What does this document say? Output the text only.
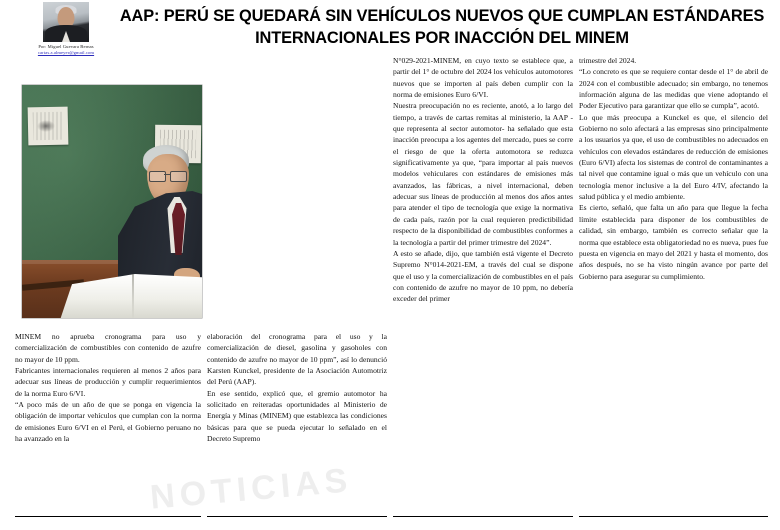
Por: Miguel Guevara Bernas
cartas.a.almeyer@gmail.com
AAP: PERÚ SE QUEDARÁ SIN VEHÍCULOS NUEVOS QUE CUMPLAN ESTÁNDARES INTERNACIONALES POR INACCIÓN DEL MINEM
NOTICIAS

MINEM no aprueba cronograma para uso y comercialización de combustibles con contenido de azufre no mayor de 10 ppm.

Fabricantes internacionales requieren al menos 2 años para adecuar sus líneas de producción y cumplir requerimientos de la norma Euro 6/VI.

“A poco más de un año de que se ponga en vigencia la obligación de importar vehículos que cumplan con la norma de emisiones Euro 6/VI en el Perú, el Gobierno peruano no ha avanzado en la

elaboración del cronograma para el uso y la comercialización de diesel, gasolina y gasoholes con contenido de azufre no mayor de 10 ppm”, así lo denunció Karsten Kunckel, presidente de la Asociación Automotriz del Perú (AAP).

En ese sentido, explicó que, el gremio automotor ha solicitado en reiteradas oportunidades al Ministerio de Energía y Minas (MINEM) que establezca las condiciones básicas para que se pueda ejecutar lo señalado en el Decreto Supremo

N°029-2021-MINEM, en cuyo texto se establece que, a partir del 1° de octubre del 2024 los vehículos automotores nuevos que se importen al país deben cumplir con la norma de emisiones Euro 6/VI.

Nuestra preocupación no es reciente, anotó, a lo largo del tiempo, a través de cartas remitas al ministerio, la AAP -que representa al sector automotor- ha señalado que esta inacción preocupa a los agentes del mercado, pues se corre el riesgo de que la oferta automotora se reduzca significativamente ya que, “para importar al país nuevos modelos vehiculares con estándares de emisiones más avanzados, las fábricas, a nivel internacional, deben adecuar sus líneas de producción al menos dos años antes para atender el tipo de tecnología que exige la normativa de cada país, razón por la cual requieren predictibilidad respecto de la disponibilidad de combustibles conformes a la tecnología a partir del primer trimestre del 2024”.

A esto se añade, dijo, que también está vigente el Decreto Supremo N°014-2021-EM, a través del cual se dispone que el uso y la comercialización de combustibles en el país con contenido de azufre no mayor de 10 ppm, no debería exceder del primer

trimestre del 2024.

“Lo concreto es que se requiere contar desde el 1° de abril de 2024 con el combustible adecuado; sin embargo, no tenemos información alguna de las medidas que viene adoptando el Poder Ejecutivo para garantizar que ello se cumpla”, acotó.

Lo que más preocupa a Kunckel es que, el silencio del Gobierno no solo afectará a las empresas sino principalmente a los usuarios ya que, el uso de combustibles no adecuados en vehículos con elevados estándares de reducción de emisiones (Euro 6/VI) afecta los sistemas de control de contaminantes a tal nivel que contamine igual o más que un vehículo con una tecnología menor inclusive a la del Euro 4/IV, afectando la salud pública y el medio ambiente.

Es cierto, señaló, que falta un año para que llegue la fecha límite establecida para disponer de los combustibles de calidad, sin embargo, también es correcto señalar que la norma que establece esta obligatoriedad no es nueva, pues fue puesta en vigencia en mayo del 2021 y hasta el momento, dos años después, no se ha visto ningún avance por parte del Gobierno para asegurar su cumplimiento.
